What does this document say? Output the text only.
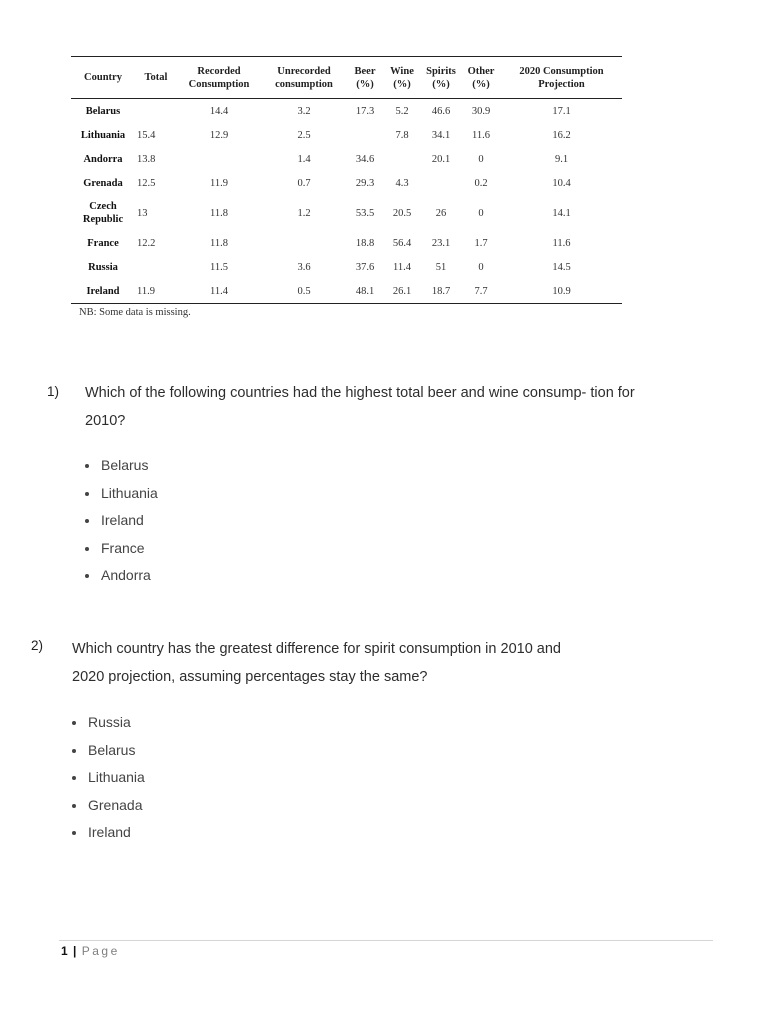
Country	Total	Recorded Consumption	Unrecorded consumption	Beer (%)	Wine (%)	Spirits (%)	Other (%)	2020 Consumption Projection
Belarus		14.4	3.2	17.3	5.2	46.6	30.9	17.1
Lithuania	15.4	12.9	2.5		7.8	34.1	11.6	16.2
Andorra	13.8		1.4	34.6		20.1	0	9.1
Grenada	12.5	11.9	0.7	29.3	4.3		0.2	10.4
Czech Republic	13	11.8	1.2	53.5	20.5	26	0	14.1
France	12.2	11.8		18.8	56.4	23.1	1.7	11.6
Russia		11.5	3.6	37.6	11.4	51	0	14.5
Ireland	11.9	11.4	0.5	48.1	26.1	18.7	7.7	10.9
NB: Some data is missing.
1) Which of the following countries had the highest total beer and wine consump- tion for 2010?
Belarus
Lithuania
Ireland
France
Andorra
2) Which country has the greatest difference for spirit consumption in 2010 and 2020 projection, assuming percentages stay the same?
Russia
Belarus
Lithuania
Grenada
Ireland
1 | Page
